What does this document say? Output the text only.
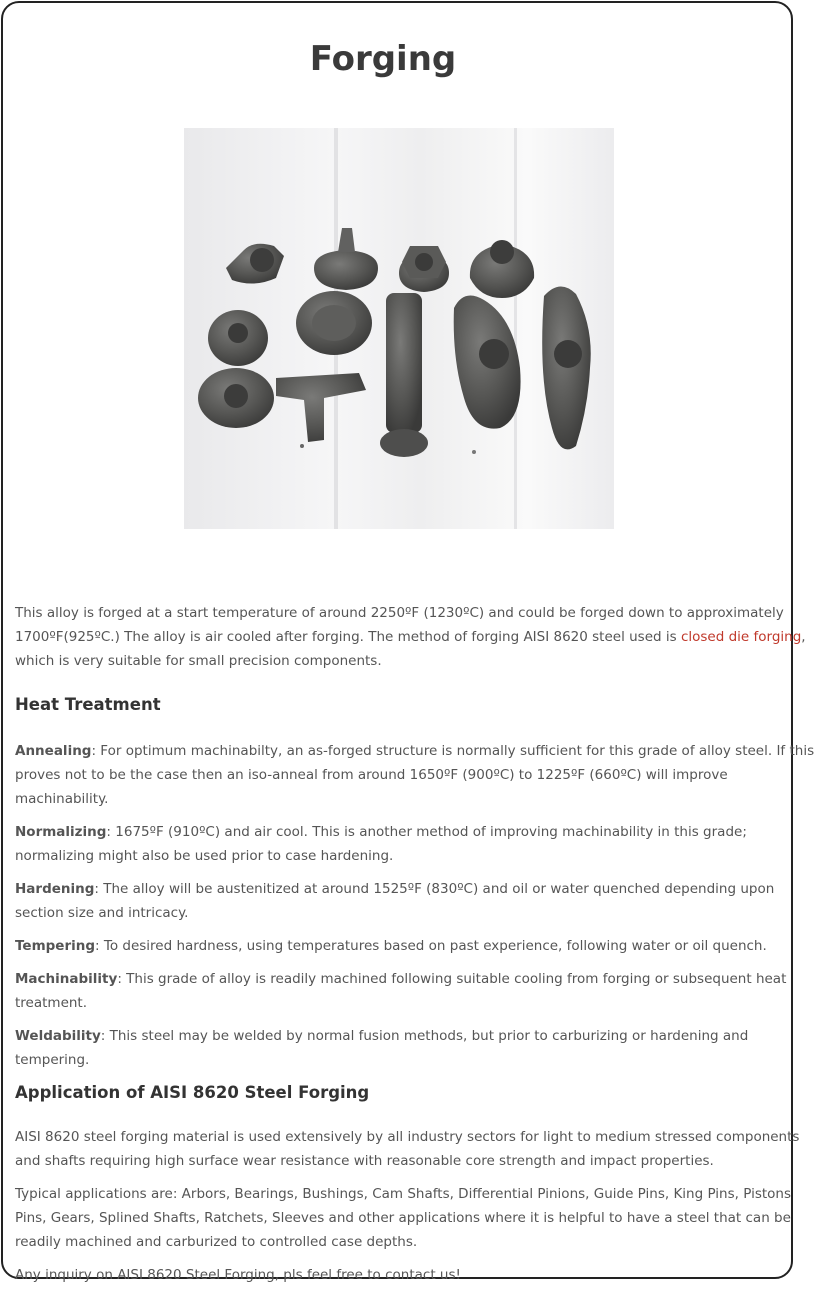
Forging

This alloy is forged at a start temperature of around 2250ºF (1230ºC) and could be forged down to approximately 1700ºF(925ºC.) The alloy is air cooled after forging. The method of forging AISI 8620 steel used is closed die forging, which is very suitable for small precision components.

Heat Treatment

Annealing: For optimum machinabilty, an as-forged structure is normally sufficient for this grade of alloy steel. If this proves not to be the case then an iso-anneal from around 1650ºF (900ºC) to 1225ºF (660ºC) will improve machinability.

Normalizing: 1675ºF (910ºC) and air cool. This is another method of improving machinability in this grade; normalizing might also be used prior to case hardening.

Hardening: The alloy will be austenitized at around 1525ºF (830ºC) and oil or water quenched depending upon section size and intricacy.

Tempering: To desired hardness, using temperatures based on past experience, following water or oil quench.

Machinability: This grade of alloy is readily machined following suitable cooling from forging or subsequent heat treatment.

Weldability: This steel may be welded by normal fusion methods, but prior to carburizing or hardening and tempering.

Application of AISI 8620 Steel Forging

AISI 8620 steel forging material is used extensively by all industry sectors for light to medium stressed components and shafts requiring high surface wear resistance with reasonable core strength and impact properties.

Typical applications are: Arbors, Bearings, Bushings, Cam Shafts, Differential Pinions, Guide Pins, King Pins, Pistons Pins, Gears, Splined Shafts, Ratchets, Sleeves and other applications where it is helpful to have a steel that can be readily machined and carburized to controlled case depths.

Any inquiry on AISI 8620 Steel Forging, pls feel free to contact us!
